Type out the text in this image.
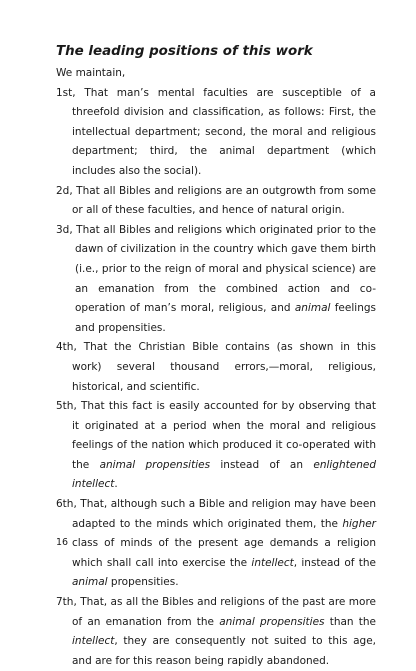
The leading positions of this work

We maintain,

1st, That man’s mental faculties are susceptible of a threefold division and classification, as follows: First, the intellectual department; second, the moral and religious department; third, the animal department (which includes also the social).

2d, That all Bibles and religions are an outgrowth from some or all of these faculties, and hence of natural origin.

3d, That all Bibles and religions which originated prior to the dawn of civilization in the country which gave them birth (i.e., prior to the reign of moral and physical science) are an emanation from the combined action and co-operation of man’s moral, religious, and animal feelings and propensities.

4th, That the Christian Bible contains (as shown in this work) several thousand errors,—moral, religious, historical, and scientific.

5th, That this fact is easily accounted for by observing that it originated at a period when the moral and religious feelings of the nation which produced it co-operated with the animal propensities instead of an enlightened intellect.

6th, That, although such a Bible and religion may have been adapted to the minds which originated them, the higher class of minds of the present age demands a religion which shall call into exercise the intellect, instead of the animal propensities.

7th, That, as all the Bibles and religions of the past are more of an emanation from the animal propensities than the intellect, they are consequently not suited to this age, and are for this reason being rapidly abandoned.

16
